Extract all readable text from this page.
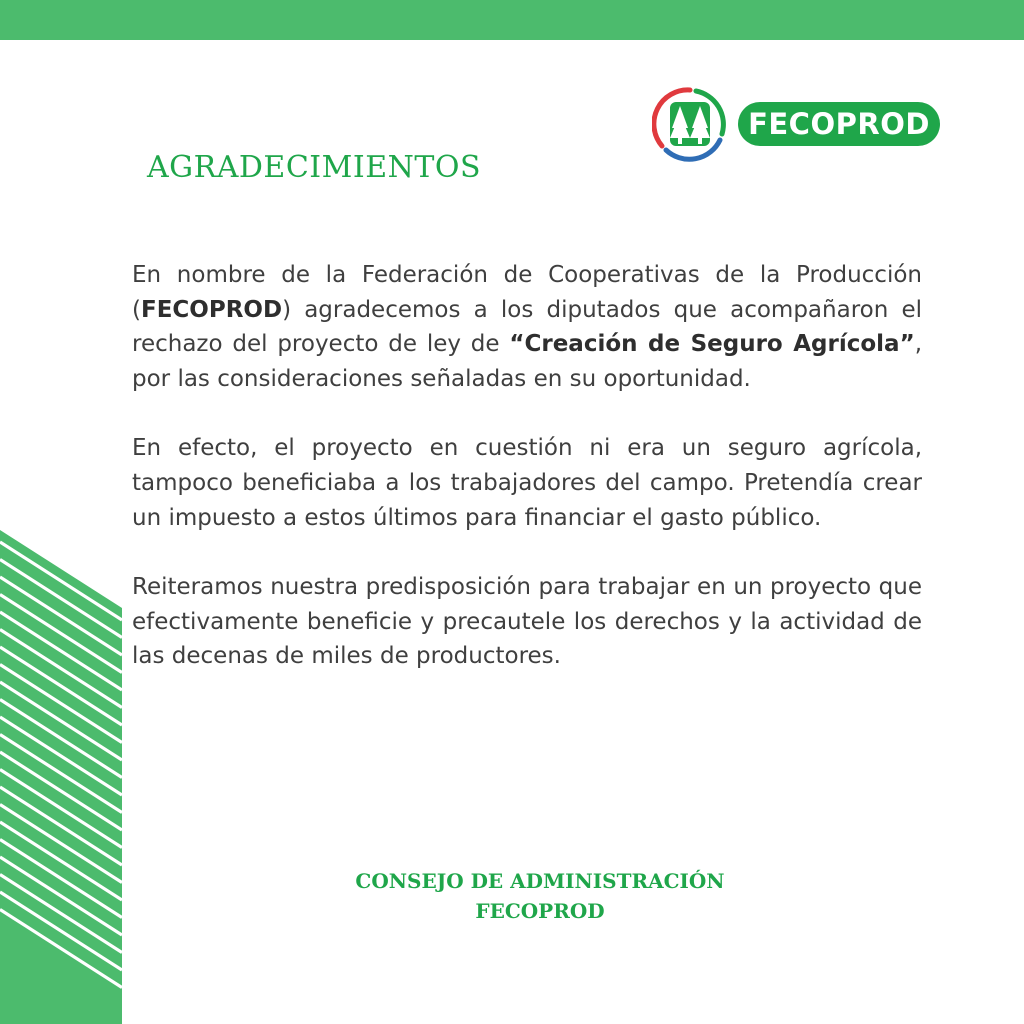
FECOPROD
AGRADECIMIENTOS

En nombre de la Federación de Cooperativas de la Producción (FECOPROD) agradecemos a los diputados que acompañaron el rechazo del proyecto de ley de “Creación de Seguro Agrícola”, por las consideraciones señaladas en su oportunidad.

En efecto, el proyecto en cuestión ni era un seguro agrícola, tampoco beneficiaba a los trabajadores del campo. Pretendía crear un impuesto a estos últimos para financiar el gasto público.

Reiteramos nuestra predisposición para trabajar en un proyecto que efectivamente beneficie y precautele los derechos y la actividad de las decenas de miles de productores.

CONSEJO DE ADMINISTRACIÓN
FECOPROD
